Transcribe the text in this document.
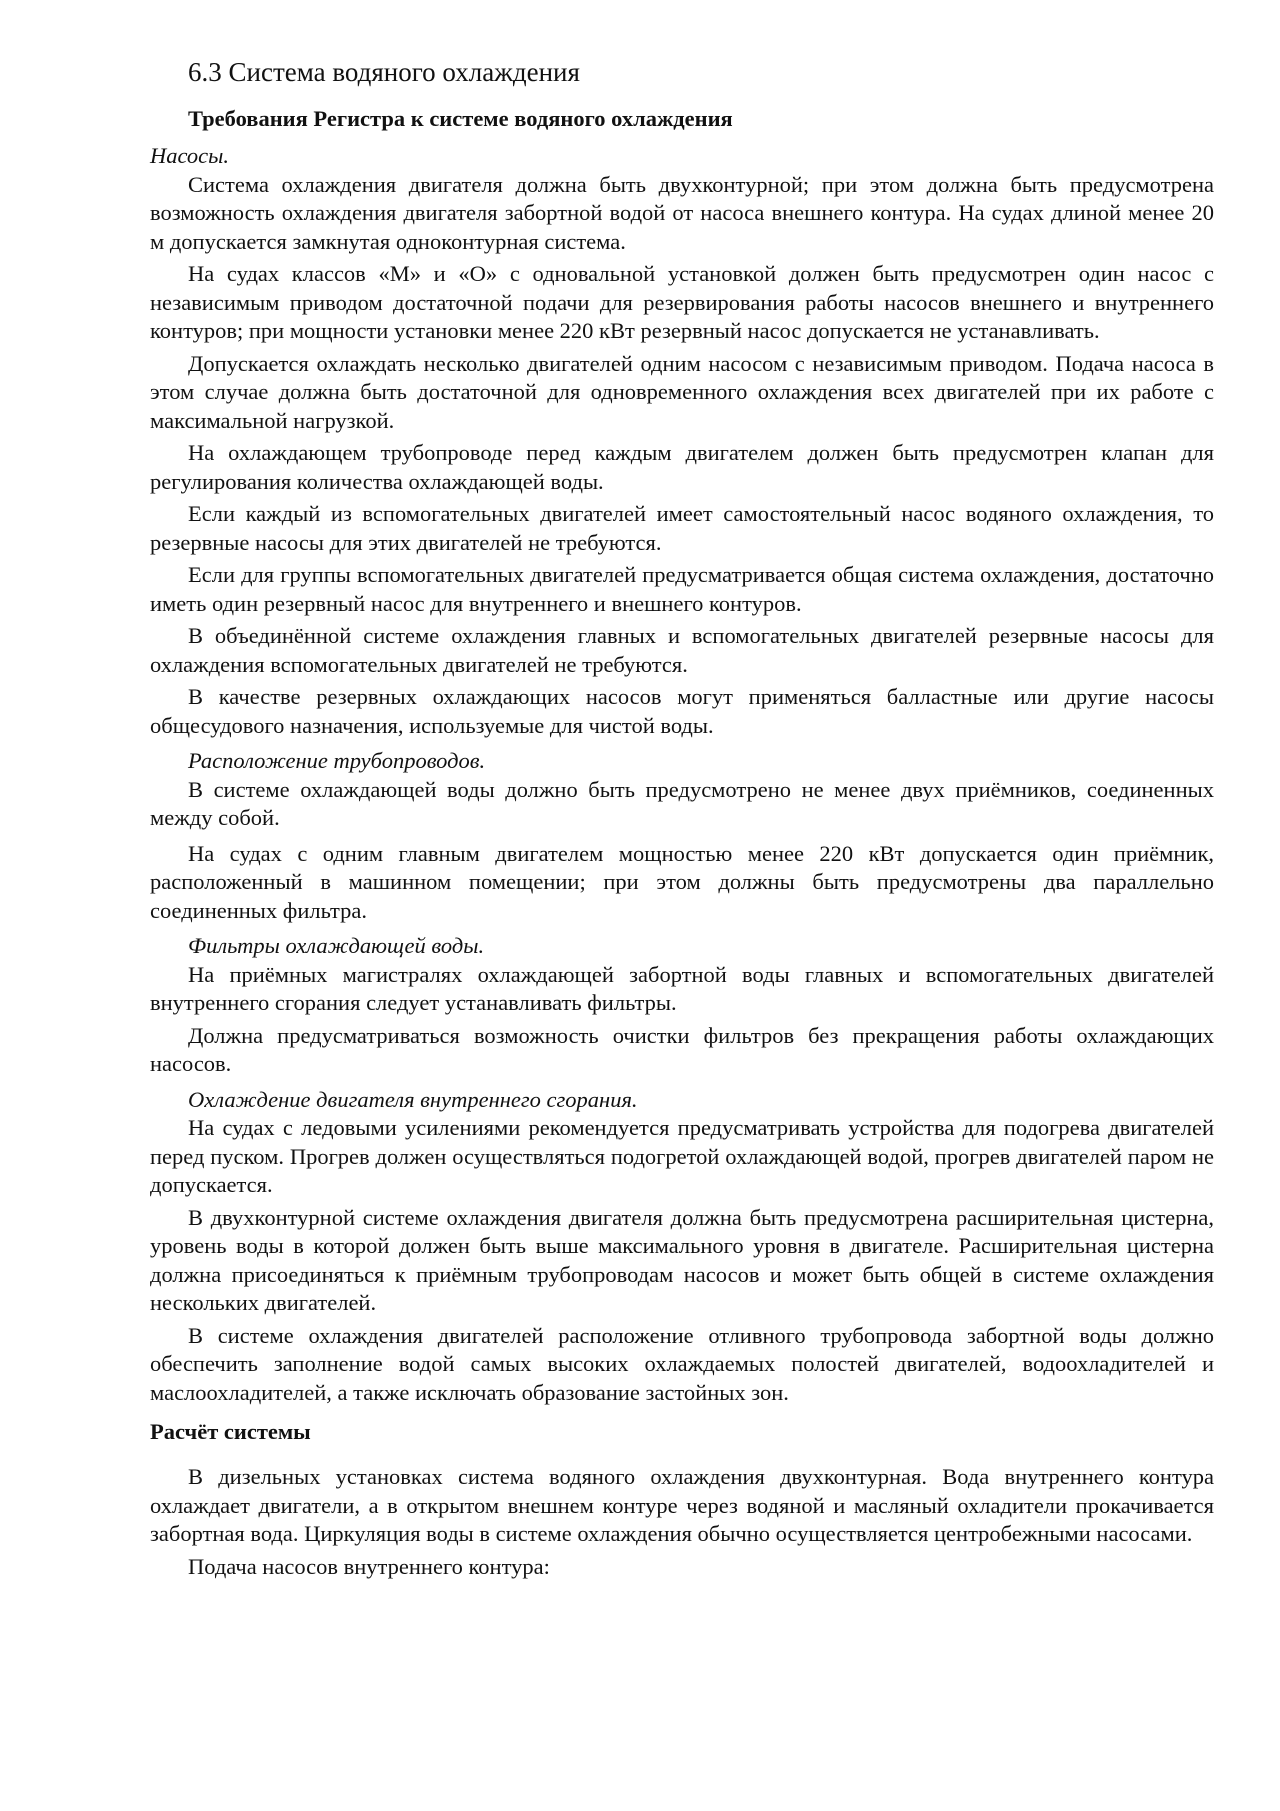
6.3 Система водяного охлаждения
Требования Регистра к системе водяного охлаждения

Насосы.

Система охлаждения двигателя должна быть двухконтурной; при этом должна быть предусмотрена возможность охлаждения двигателя забортной водой от насоса внешнего контура. На судах длиной менее 20 м допускается замкнутая одноконтурная система.

На судах классов «М» и «О» с одновальной установкой должен быть предусмотрен один насос с независимым приводом достаточной подачи для резервирования работы насосов внешнего и внутреннего контуров; при мощности установки менее 220 кВт резервный насос допускается не устанавливать.

Допускается охлаждать несколько двигателей одним насосом с независимым приводом. Подача насоса в этом случае должна быть достаточной для одновременного охлаждения всех двигателей при их работе с максимальной нагрузкой.

На охлаждающем трубопроводе перед каждым двигателем должен быть предусмотрен клапан для регулирования количества охлаждающей воды.

Если каждый из вспомогательных двигателей имеет самостоятельный насос водяного охлаждения, то резервные насосы для этих двигателей не требуются.

Если для группы вспомогательных двигателей предусматривается общая система охлаждения, достаточно иметь один резервный насос для внутреннего и внешнего контуров.

В объединённой системе охлаждения главных и вспомогательных двигателей резервные насосы для охлаждения вспомогательных двигателей не требуются.

В качестве резервных охлаждающих насосов могут применяться балластные или другие насосы общесудового назначения, используемые для чистой воды.

Расположение трубопроводов.

В системе охлаждающей воды должно быть предусмотрено не менее двух приёмников, соединенных между собой.

На судах с одним главным двигателем мощностью менее 220 кВт допускается один приёмник, расположенный в машинном помещении; при этом должны быть предусмотрены два параллельно соединенных фильтра.

Фильтры охлаждающей воды.

На приёмных магистралях охлаждающей забортной воды главных и вспомогательных двигателей внутреннего сгорания следует устанавливать фильтры.

Должна предусматриваться возможность очистки фильтров без прекращения работы охлаждающих насосов.

Охлаждение двигателя внутреннего сгорания.

На судах с ледовыми усилениями рекомендуется предусматривать устройства для подогрева двигателей перед пуском. Прогрев должен осуществляться подогретой охлаждающей водой, прогрев двигателей паром не допускается.

В двухконтурной системе охлаждения двигателя должна быть предусмотрена расширительная цистерна, уровень воды в которой должен быть выше максимального уровня в двигателе. Расширительная цистерна должна присоединяться к приёмным трубопроводам насосов и может быть общей в системе охлаждения нескольких двигателей.

В системе охлаждения двигателей расположение отливного трубопровода забортной воды должно обеспечить заполнение водой самых высоких охлаждаемых полостей двигателей, водоохладителей и маслоохладителей, а также исключать образование застойных зон.

Расчёт системы

В дизельных установках система водяного охлаждения двухконтурная. Вода внутреннего контура охлаждает двигатели, а в открытом внешнем контуре через водяной и масляный охладители прокачивается забортная вода. Циркуляция воды в системе охлаждения обычно осуществляется центробежными насосами.

Подача насосов внутреннего контура:
